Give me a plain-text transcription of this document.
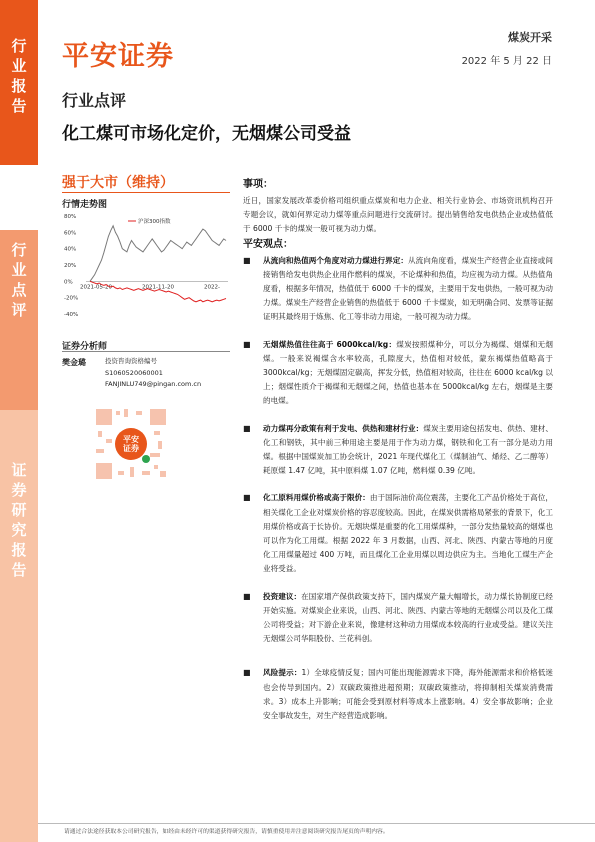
行
业
报
告
行
业
点
评
证
券
研
究
报
告
平安证券
煤炭开采
2022 年 5 月 22 日
行业点评
化工煤可市场化定价，无烟煤公司受益
强于大市（维持）
行情走势图
80%
60%
40%
20%
0%
-20%
-40%
2021-05-20	2021-11-20	2022-
沪深300指数
证券分析师
樊金璐	投资咨询资格编号
S1060520060001
FANJINLU749@pingan.com.cn
平安
证券
事项：
近日，国家发展改革委价格司组织重点煤炭和电力企业、相关行业协会、市场资讯机构召开专题会议，就如何界定动力煤等重点问题进行交流研讨。提出销售给发电供热企业或热值低于 6000 千卡的煤炭一般可视为动力煤。
平安观点：
■ 从流向和热值两个角度对动力煤进行界定：从流向角度看，煤炭生产经营企业直接或间接销售给发电供热企业用作燃料的煤炭，不论煤种和热值，均应视为动力煤。从热值角度看，根据多年情况，热值低于 6000 千卡的煤炭，主要用于发电供热，一般可视为动力煤。煤炭生产经营企业销售的热值低于 6000 千卡煤炭，如无明确合同、发票等证据证明其最终用于炼焦、化工等非动力用途，一般可视为动力煤。
■ 无烟煤热值往往高于 6000kcal/kg：煤炭按照煤种分，可以分为褐煤、烟煤和无烟煤。一般来说褐煤含水率较高，孔隙度大，热值相对较低，蒙东褐煤热值略高于 3000kcal/kg；无烟煤固定碳高，挥发分低，热值相对较高，往往在 6000 kcal/kg 以上；烟煤性质介于褐煤和无烟煤之间，热值也基本在 5000kcal/kg 左右，烟煤是主要的电煤。
■ 动力煤再分政策有利于发电、供热和建材行业：煤炭主要用途包括发电、供热、建材、化工和钢铁，其中前三种用途主要是用于作为动力煤，钢铁和化工有一部分是动力用煤。根据中国煤炭加工协会统计，2021 年现代煤化工（煤制油气、烯烃、乙二醇等）耗原煤 1.47 亿吨，其中原料煤 1.07 亿吨，燃料煤 0.39 亿吨。
■ 化工原料用煤价格或高于限价：由于国际油价高位震荡，主要化工产品价格处于高位，相关煤化工企业对煤炭价格的容忍度较高。因此，在煤炭供需格局紧张的背景下，化工用煤价格或高于长协价。无烟块煤是重要的化工用煤煤种，一部分发热量较高的烟煤也可以作为化工用煤。根据 2022 年 3 月数据，山西、河北、陕西、内蒙古等地的月度化工用煤量超过 400 万吨，而且煤化工企业用煤以周边供应为主。当地化工煤生产企业将受益。
■ 投资建议：在国家增产保供政策支持下，国内煤炭产量大幅增长，动力煤长协制度已经开始实施。对煤炭企业来说，山西、河北、陕西、内蒙古等地的无烟煤公司以及化工煤公司将受益；对下游企业来说，像建材这种动力用煤成本较高的行业或受益。建议关注无烟煤公司华阳股份、兰花科创。
■ 风险提示：1）全球疫情反复；国内可能出现能源需求下降，海外能源需求和价格低迷也会传导到国内。2）双碳政策推进超预期；双碳政策推动，将抑制相关煤炭消费需求。3）成本上升影响；可能会受到原材料等成本上涨影响。4）安全事故影响；企业安全事故发生，对生产经营造成影响。
请通过合法途径获取本公司研究报告，如经由未经许可的渠道获得研究报告，请慎重使用并注意阅读研究报告尾页的声明内容。
